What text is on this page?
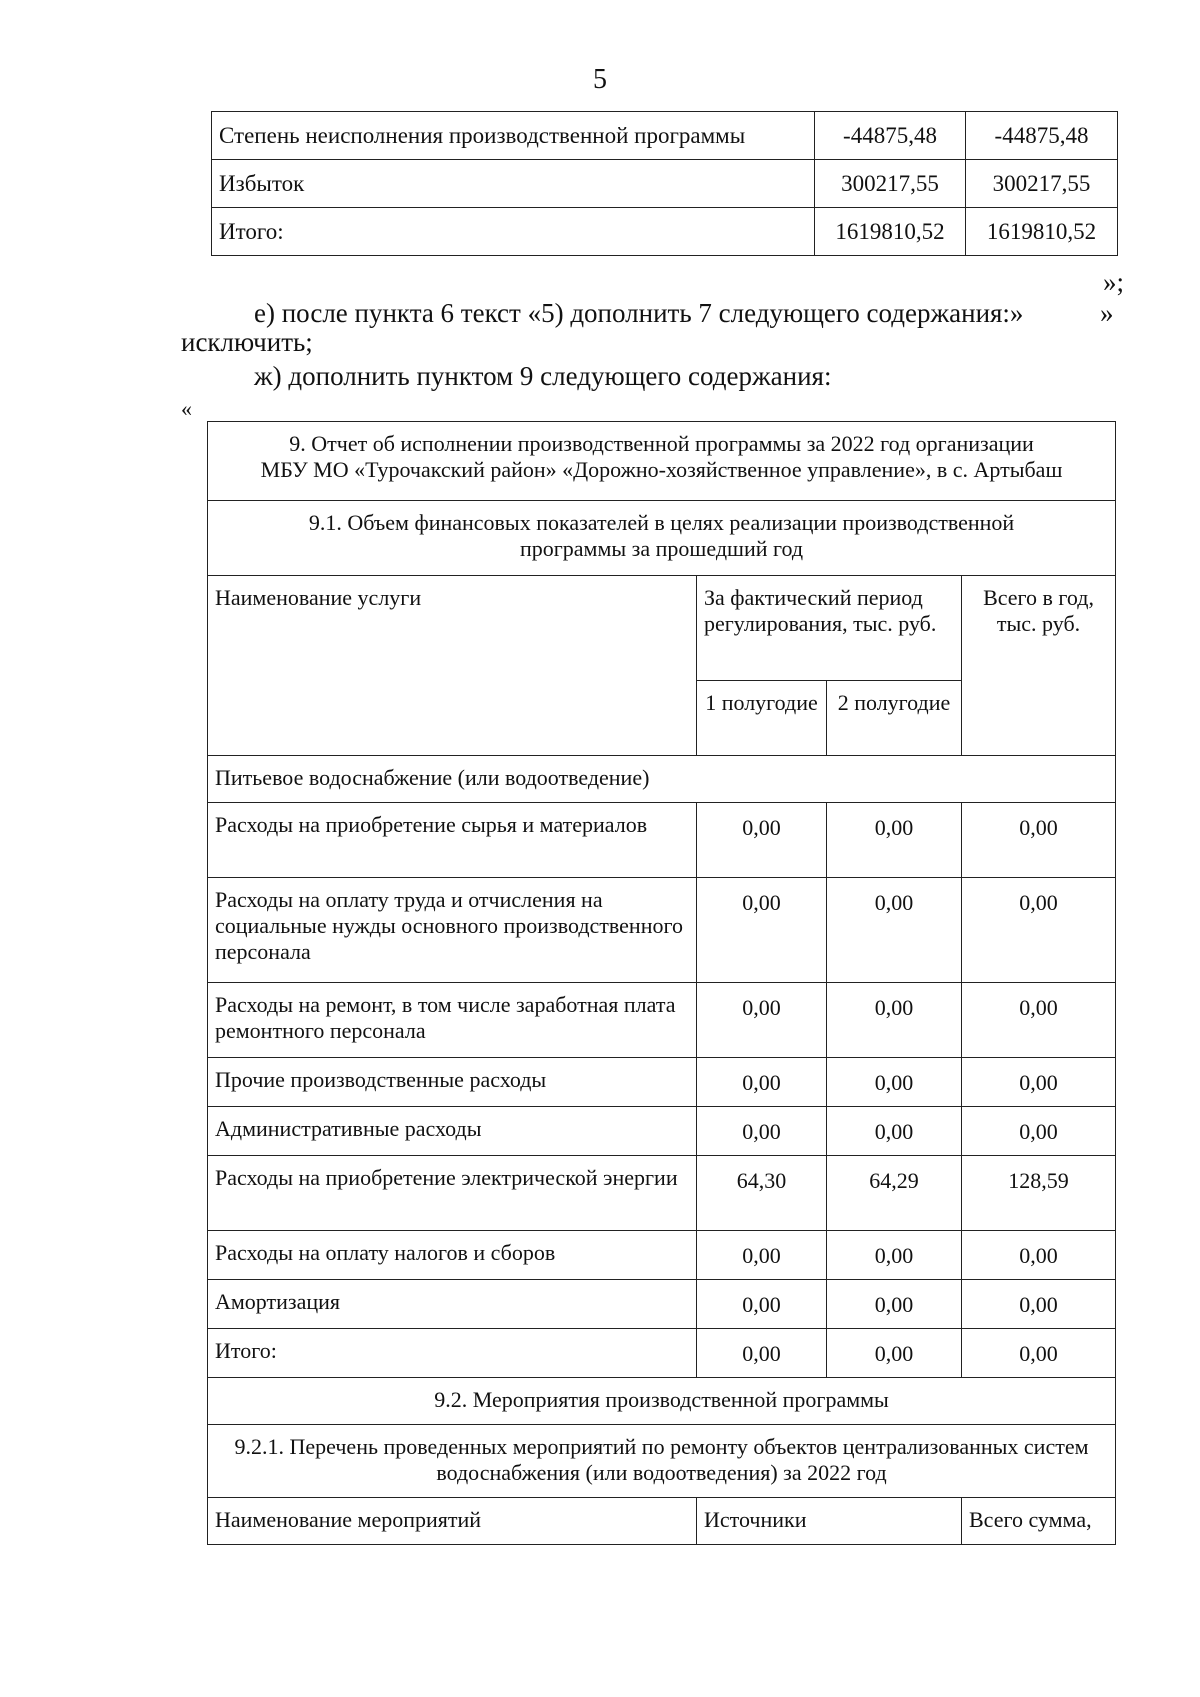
5
Степень неисполнения производственной программы	-44875,48	-44875,48
Избыток	300217,55	300217,55
Итого:	1619810,52	1619810,52
»;
е) после пункта 6 текст «5) дополнить 7 следующего содержания:»	»
исключить;
ж) дополнить пунктом 9 следующего содержания:
«
9. Отчет об исполнении производственной программы за 2022 год организации
МБУ МО «Турочакский район» «Дорожно-хозяйственное управление», в с. Артыбаш			

9.1. Объем финансовых показателей в целях реализации производственной программы за прошедший год			
Наименование услуги	За фактический период регулирования, тыс. руб.		Всего в год, тыс. руб.
	1 полугодие	2 полугодие	
Питьевое водоснабжение (или водоотведение)			
Расходы на приобретение сырья и материалов	0,00	0,00	0,00
Расходы на оплату труда и отчисления на социальные нужды основного производственного персонала	0,00	0,00	0,00
Расходы на ремонт, в том числе заработная плата ремонтного персонала	0,00	0,00	0,00
Прочие производственные расходы	0,00	0,00	0,00
Административные расходы	0,00	0,00	0,00
Расходы на приобретение электрической энергии	64,30	64,29	128,59
Расходы на оплату налогов и сборов	0,00	0,00	0,00
Амортизация	0,00	0,00	0,00
Итого:	0,00	0,00	0,00
9.2. Мероприятия производственной программы			
9.2.1. Перечень проведенных мероприятий по ремонту объектов централизованных систем водоснабжения (или водоотведения) за 2022 год			
Наименование мероприятий	Источники		Всего сумма,
